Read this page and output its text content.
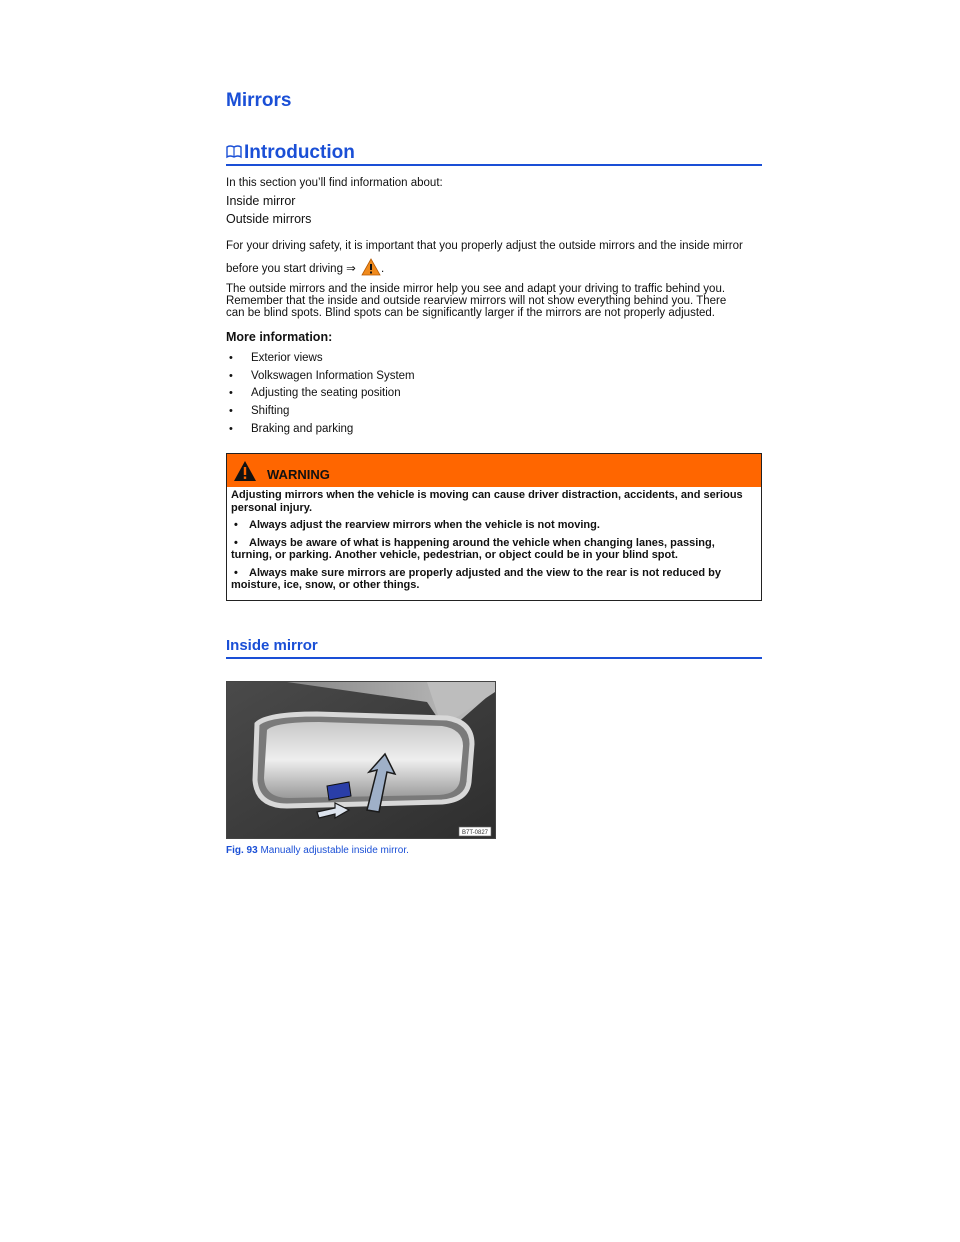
Mirrors
Introduction
In this section you’ll find information about:
Inside mirror
Outside mirrors
For your driving safety, it is important that you properly adjust the outside mirrors and the inside mirror
before you start driving ⇒ .
The outside mirrors and the inside mirror help you see and adapt your driving to traffic behind you.
Remember that the inside and outside rearview mirrors will not show everything behind you. There
can be blind spots. Blind spots can be significantly larger if the mirrors are not properly adjusted.
More information:
•	Exterior views
•	Volkswagen Information System
•	Adjusting the seating position
•	Shifting
•	Braking and parking
WARNING

Adjusting mirrors when the vehicle is moving can cause driver distraction, accidents, and serious personal injury.

• Always adjust the rearview mirrors when the vehicle is not moving.

• Always be aware of what is happening around the vehicle when changing lanes, passing, turning, or parking. Another vehicle, pedestrian, or object could be in your blind spot.

• Always make sure mirrors are properly adjusted and the view to the rear is not reduced by moisture, ice, snow, or other things.

Inside mirror
B7T-0827
Fig. 93 Manually adjustable inside mirror.
